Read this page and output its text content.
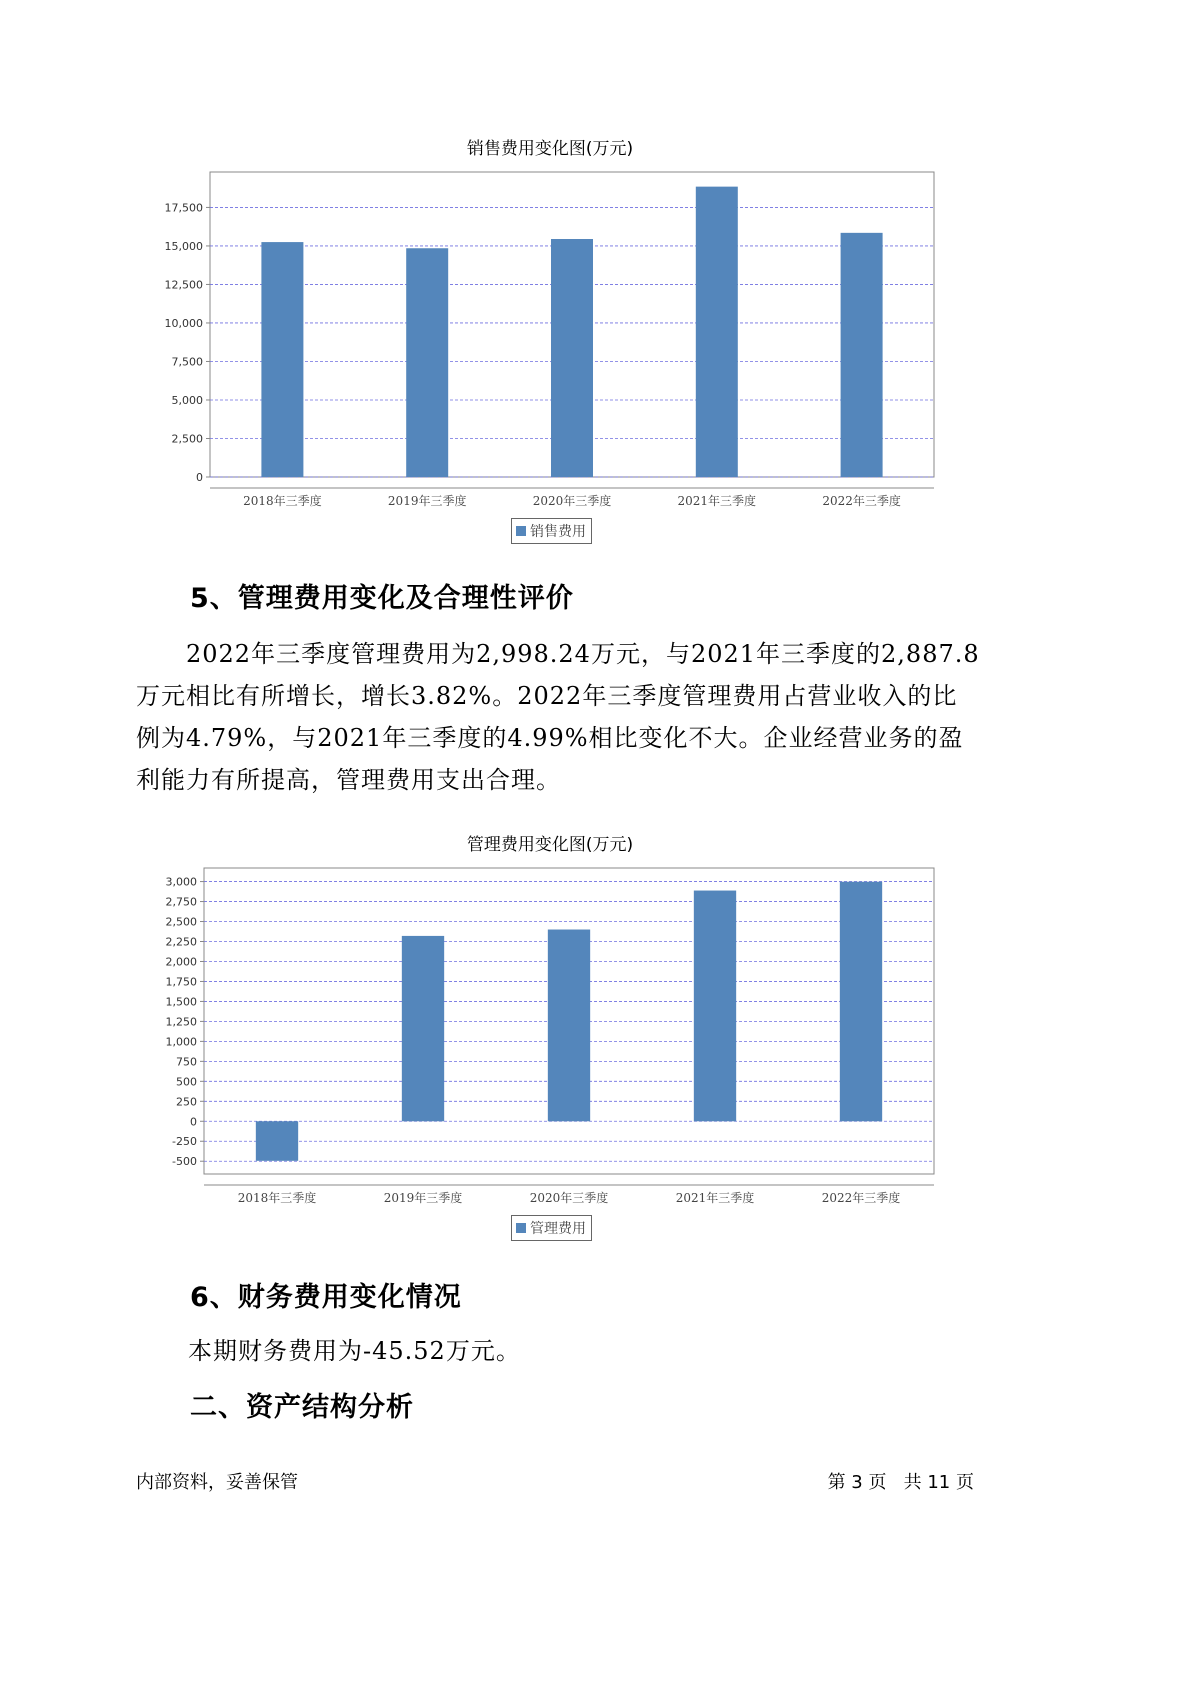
销售费用变化图(万元)
0
2,500
5,000
7,500
10,000
12,500
15,000
17,500
2018年三季度	2019年三季度	2020年三季度	2021年三季度	2022年三季度
销售费用
5、管理费用变化及合理性评价

2022年三季度管理费用为2,998.24万元，与2021年三季度的2,887.8万元相比有所增长，增长3.82%。2022年三季度管理费用占营业收入的比例为4.79%，与2021年三季度的4.99%相比变化不大。企业经营业务的盈利能力有所提高，管理费用支出合理。

管理费用变化图(万元)
-500
-250
0
250
500
750
1,000
1,250
1,500
1,750
2,000
2,250
2,500
2,750
3,000
2018年三季度	2019年三季度	2020年三季度	2021年三季度	2022年三季度
管理费用
6、财务费用变化情况

本期财务费用为-45.52万元。

二、资产结构分析
内部资料，妥善保管	第 3 页   共 11 页
